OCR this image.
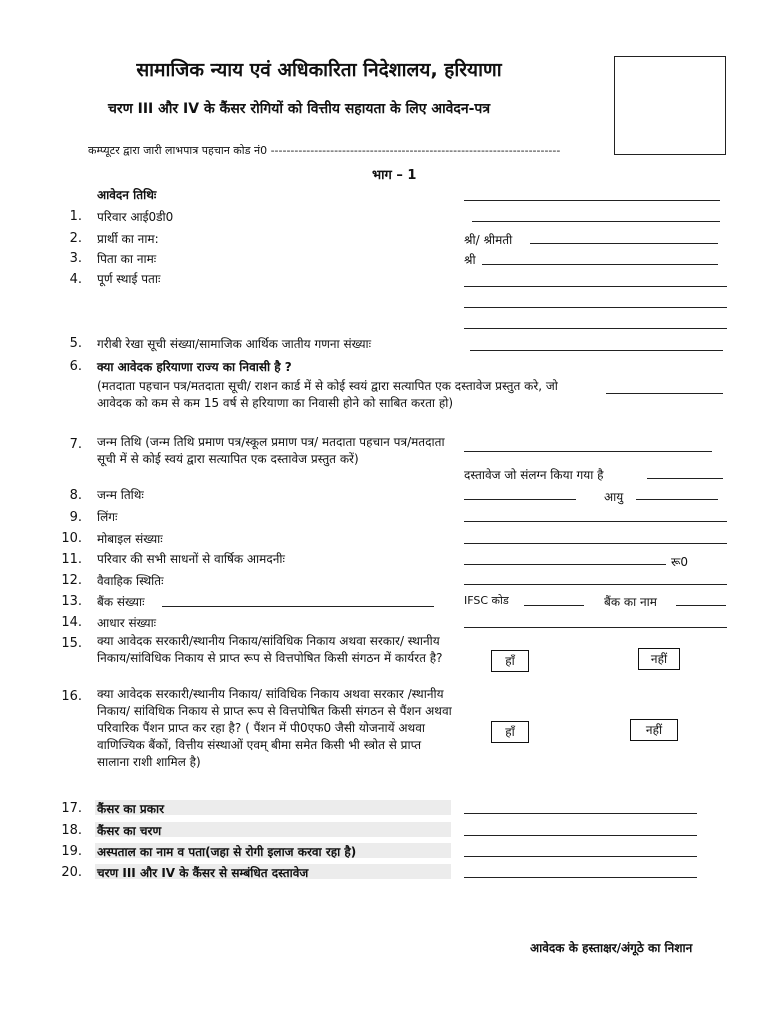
सामाजिक न्याय एवं अधिकारिता निदेशालय, हरियाणा
चरण III और IV के कैंसर रोगियों को वित्तीय सहायता के लिए आवेदन-पत्र
कम्प्यूटर द्वारा जारी लाभपात्र पहचान कोड नं0 -------------------------------------------------------------------------
भाग – 1
आवेदन तिथिः
1. परिवार आई0डी0
2. प्रार्थी का नाम:	श्री/ श्रीमती
3. पिता का नामः	श्री
4. पूर्ण स्थाई पताः
5. गरीबी रेखा सूची संख्या/सामाजिक आर्थिक जातीय गणना संख्याः
6. क्या आवेदक हरियाणा राज्य का निवासी है ?
(मतदाता पहचान पत्र/मतदाता सूची/ राशन कार्ड में से कोई स्वयं द्वारा सत्यापित एक दस्तावेज प्रस्तुत करे, जो आवेदक को कम से कम 15 वर्ष से हरियाणा का निवासी होने को साबित करता हो)
7. जन्म तिथि (जन्म तिथि प्रमाण पत्र/स्कूल प्रमाण पत्र/ मतदाता पहचान पत्र/मतदाता सूची में से कोई स्वयं द्वारा सत्यापित एक दस्तावेज प्रस्तुत करें)
दस्तावेज जो संलग्न किया गया है
8. जन्म तिथिः	आयु
9. लिंगः
10. मोबाइल संख्याः
11. परिवार की सभी साधनों से वार्षिक आमदनीः	रू0
12. वैवाहिक स्थितिः
13. बैंक संख्याः	IFSC कोड	बैंक का नाम
14. आधार संख्याः
15. क्या आवेदक सरकारी/स्थानीय निकाय/सांविधिक निकाय अथवा सरकार/ स्थानीय निकाय/सांविधिक निकाय से प्राप्त रूप से वित्तपोषित किसी संगठन में कार्यरत है?	हाँ	नहीं
16. क्या आवेदक सरकारी/स्थानीय निकाय/ सांविधिक निकाय अथवा सरकार /स्थानीय निकाय/ सांविधिक निकाय से प्राप्त रूप से वित्तपोषित किसी संगठन से पैंशन अथवा परिवारिक पैंशन प्राप्त कर रहा है? ( पैंशन में पी0एफ0 जैसी योजनायें अथवा वाणिज्यिक बैंकों, वित्तीय संस्थाओं एवम् बीमा समेत किसी भी स्त्रोत से प्राप्त सालाना राशी शामिल है)
हाँ	नहीं
17. कैंसर का प्रकार
18. कैंसर का चरण
19. अस्पताल का नाम व पता(जहा से रोगी इलाज करवा रहा है)
20. चरण III और IV के कैंसर से सम्बंधित दस्तावेज
आवेदक के हस्ताक्षर/अंगूठे का निशान
